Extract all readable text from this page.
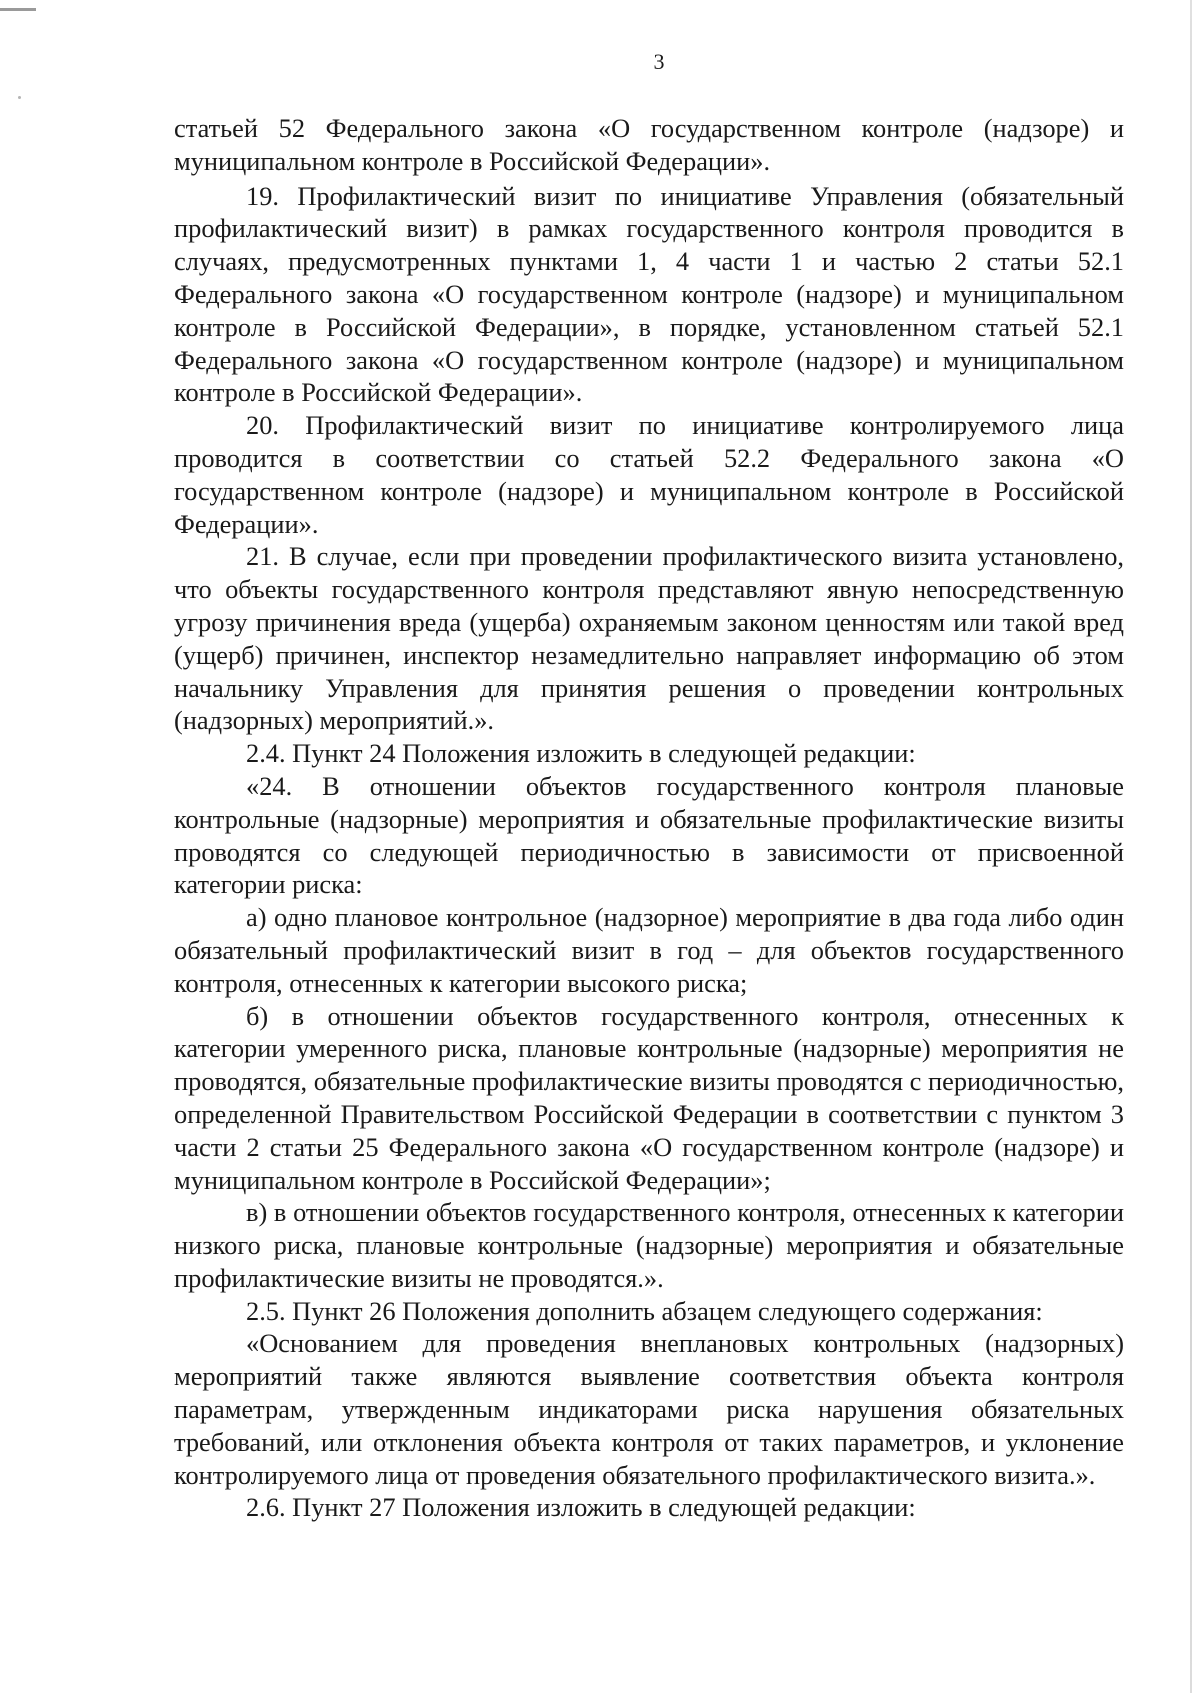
3

статьей 52 Федерального закона «О государственном контроле (надзоре) и муниципальном контроле в Российской Федерации».

19. Профилактический визит по инициативе Управления (обязательный профилактический визит) в рамках государственного контроля проводится в случаях, предусмотренных пунктами 1, 4 части 1 и частью 2 статьи 52.1 Федерального закона «О государственном контроле (надзоре) и муниципальном контроле в Российской Федерации», в порядке, установленном статьей 52.1 Федерального закона «О государственном контроле (надзоре) и муниципальном контроле в Российской Федерации».

20. Профилактический визит по инициативе контролируемого лица проводится в соответствии со статьей 52.2 Федерального закона «О государственном контроле (надзоре) и муниципальном контроле в Российской Федерации».

21. В случае, если при проведении профилактического визита установлено, что объекты государственного контроля представляют явную непосредственную угрозу причинения вреда (ущерба) охраняемым законом ценностям или такой вред (ущерб) причинен, инспектор незамедлительно направляет информацию об этом начальнику Управления для принятия решения о проведении контрольных (надзорных) мероприятий.».

2.4. Пункт 24 Положения изложить в следующей редакции:

«24. В отношении объектов государственного контроля плановые контрольные (надзорные) мероприятия и обязательные профилактические визиты проводятся со следующей периодичностью в зависимости от присвоенной категории риска:

а) одно плановое контрольное (надзорное) мероприятие в два года либо один обязательный профилактический визит в год – для объектов государственного контроля, отнесенных к категории высокого риска;

б) в отношении объектов государственного контроля, отнесенных к категории умеренного риска, плановые контрольные (надзорные) мероприятия не проводятся, обязательные профилактические визиты проводятся с периодичностью, определенной Правительством Российской Федерации в соответствии с пунктом 3 части 2 статьи 25 Федерального закона «О государственном контроле (надзоре) и муниципальном контроле в Российской Федерации»;

в) в отношении объектов государственного контроля, отнесенных к категории низкого риска, плановые контрольные (надзорные) мероприятия и обязательные профилактические визиты не проводятся.».

2.5. Пункт 26 Положения дополнить абзацем следующего содержания:

«Основанием для проведения внеплановых контрольных (надзорных) мероприятий также являются выявление соответствия объекта контроля параметрам, утвержденным индикаторами риска нарушения обязательных требований, или отклонения объекта контроля от таких параметров, и уклонение контролируемого лица от проведения обязательного профилактического визита.».

2.6. Пункт 27 Положения изложить в следующей редакции:
